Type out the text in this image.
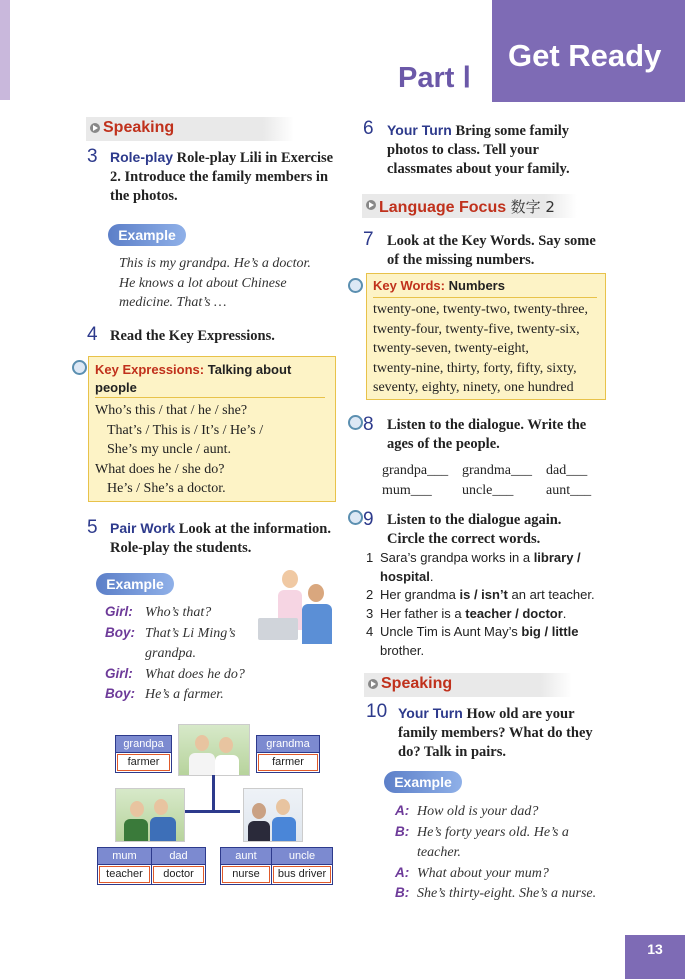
Part Ⅰ
Get Ready
Speaking
3 Role-play Role-play Lili in Exercise 2. Introduce the family members in the photos.
Example
This is my grandpa. He’s a doctor.
He knows a lot about Chinese
medicine. That’s …
4 Read the Key Expressions.
Key Expressions: Talking about
people
Who’s this / that / he / she?
That’s / This is / It’s / He’s /
She’s my uncle / aunt.
What does he / she do?
He’s / She’s a doctor.
5 Pair Work Look at the information.
Role-play the students.
Example
Girl: Who’s that?
Boy: That’s Li Ming’s
grandpa.
Girl: What does he do?
Boy: He’s a farmer.
grandpa
farmer
grandma
farmer
mum
teacher
dad
doctor
aunt
nurse
uncle
bus driver
6 Your Turn Bring some family
photos to class. Tell your
classmates about your family.
Language Focus 数字 2
7 Look at the Key Words. Say some
of the missing numbers.
Key Words: Numbers
twenty-one, twenty-two, twenty-three,
twenty-four, twenty-five, twenty-six,
twenty-seven, twenty-eight,
twenty-nine, thirty, forty, fifty, sixty,
seventy, eighty, ninety, one hundred
8 Listen to the dialogue. Write the
ages of the people.
grandpa___ grandma___ dad___
mum___ uncle___ aunt___
9 Listen to the dialogue again.
Circle the correct words.
1 Sara’s grandpa works in a library /
hospital.
2 Her grandma is / isn’t an art teacher.
3 Her father is a teacher / doctor.
4 Uncle Tim is Aunt May’s big / little
brother.
Speaking
10 Your Turn How old are your
family members? What do they
do? Talk in pairs.
Example
A: How old is your dad?
B: He’s forty years old. He’s a
teacher.
A: What about your mum?
B: She’s thirty-eight. She’s a nurse.
13
